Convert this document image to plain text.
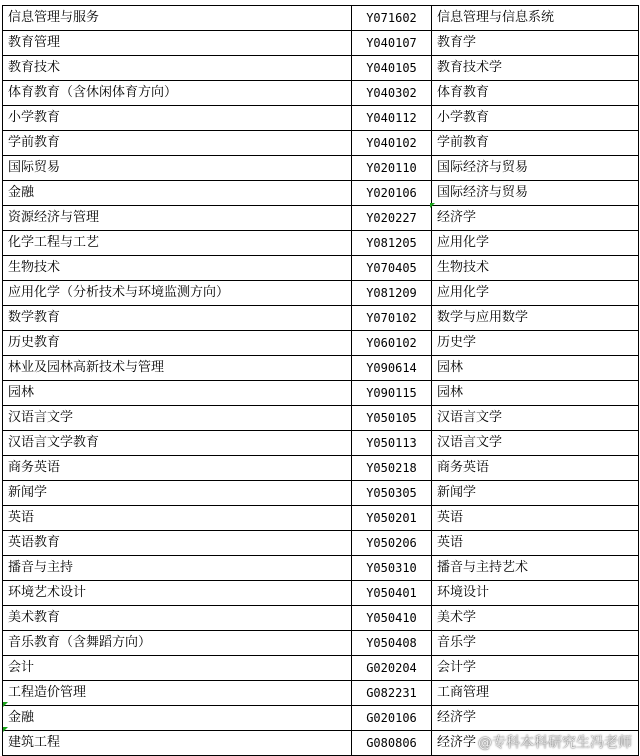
信息管理与服务	Y071602	信息管理与信息系统
教育管理	Y040107	教育学
教育技术	Y040105	教育技术学
体育教育（含休闲体育方向）	Y040302	体育教育
小学教育	Y040112	小学教育
学前教育	Y040102	学前教育
国际贸易	Y020110	国际经济与贸易
金融	Y020106	国际经济与贸易
资源经济与管理	Y020227	经济学
化学工程与工艺	Y081205	应用化学
生物技术	Y070405	生物技术
应用化学（分析技术与环境监测方向）	Y081209	应用化学
数学教育	Y070102	数学与应用数学
历史教育	Y060102	历史学
林业及园林高新技术与管理	Y090614	园林
园林	Y090115	园林
汉语言文学	Y050105	汉语言文学
汉语言文学教育	Y050113	汉语言文学
商务英语	Y050218	商务英语
新闻学	Y050305	新闻学
英语	Y050201	英语
英语教育	Y050206	英语
播音与主持	Y050310	播音与主持艺术
环境艺术设计	Y050401	环境设计
美术教育	Y050410	美术学
音乐教育（含舞蹈方向）	Y050408	音乐学
会计	G020204	会计学
工程造价管理	G082231	工商管理
金融	G020106	经济学
建筑工程	G080806	经济学 @专科本科研究生冯老师
